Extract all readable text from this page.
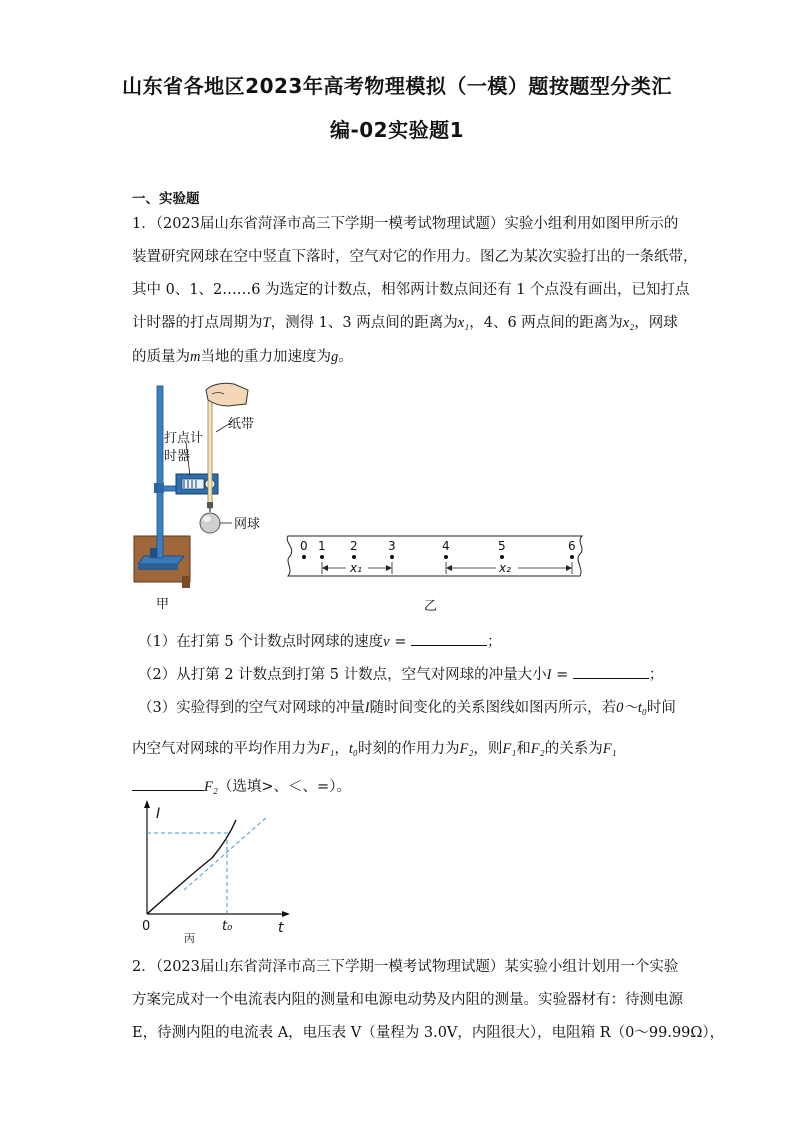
山东省各地区2023年高考物理模拟（一模）题按题型分类汇
编-02实验题1
一、实验题
1．（2023届山东省菏泽市高三下学期一模考试物理试题）实验小组利用如图甲所示的
装置研究网球在空中竖直下落时，空气对它的作用力。图乙为某次实验打出的一条纸带，
其中 0、1、2……6 为选定的计数点，相邻两计数点间还有 1 个点没有画出，已知打点
计时器的打点周期为T，测得 1、3 两点间的距离为x₁，4、6 两点间的距离为x₂，网球
的质量为m当地的重力加速度为g。
打点计
时器
纸带
网球
甲
0 1 2	3	4	5	6
x₁	x₂
乙
（1）在打第 5 个计数点时网球的速度v =	；
（2）从打第 2 计数点到打第 5 计数点，空气对网球的冲量大小I =	；
（3）实验得到的空气对网球的冲量I随时间变化的关系图线如图丙所示，若0～t₀时间
内空气对网球的平均作用力为F₁，t₀时刻的作用力为F₂，则F₁和F₂的关系为F₁
F₂（选填>、＜、=）。
I
t
0	t₀
丙
2．（2023届山东省菏泽市高三下学期一模考试物理试题）某实验小组计划用一个实验
方案完成对一个电流表内阻的测量和电源电动势及内阻的测量。实验器材有：待测电源
E，待测内阻的电流表 A，电压表 V（量程为 3.0V，内阻很大），电阻箱 R（0～99.99Ω），
